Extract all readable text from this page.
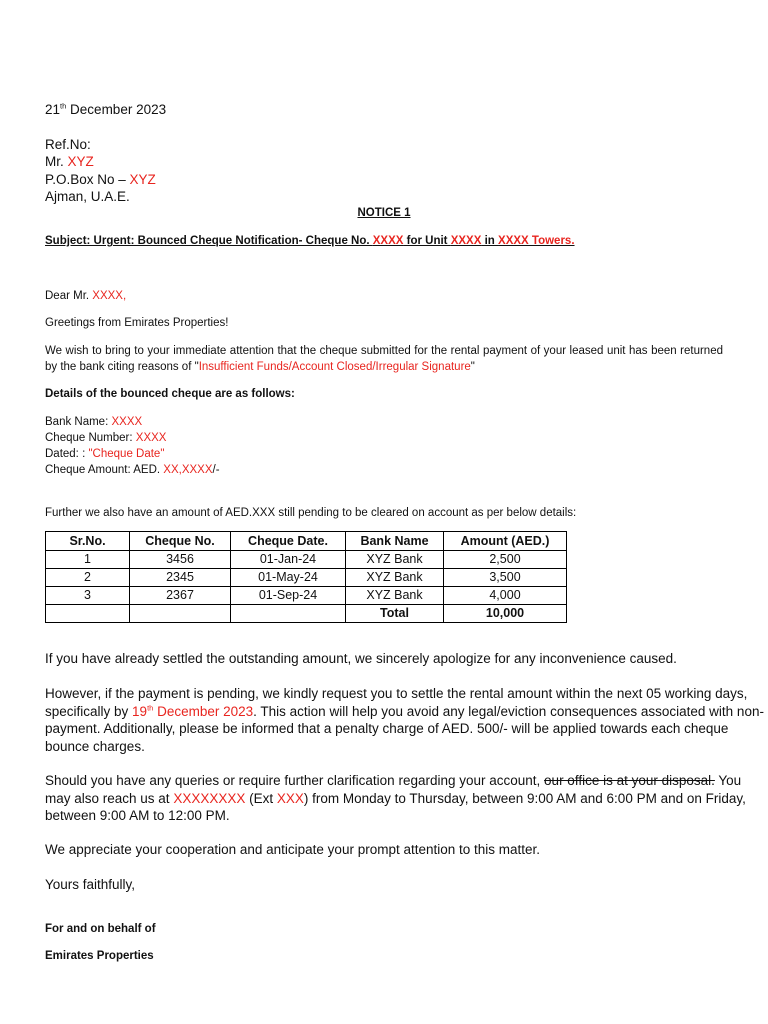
21th December 2023
Ref.No:
Mr. XYZ
P.O.Box No – XYZ
Ajman, U.A.E.
NOTICE 1
Subject: Urgent: Bounced Cheque Notification- Cheque No. XXXX for Unit XXXX in XXXX Towers.
Dear Mr. XXXX,
Greetings from Emirates Properties!
We wish to bring to your immediate attention that the cheque submitted for the rental payment of your leased unit has been returned by the bank citing reasons of "Insufficient Funds/Account Closed/Irregular Signature"
Details of the bounced cheque are as follows:
Bank Name: XXXX
Cheque Number: XXXX
Dated: : "Cheque Date"
Cheque Amount: AED. XX,XXXX/-
Further we also have an amount of AED.XXX still pending to be cleared on account as per below details:
Sr.No.	Cheque No.	Cheque Date.	Bank Name	Amount (AED.)
1	3456	01-Jan-24	XYZ Bank	2,500
2	2345	01-May-24	XYZ Bank	3,500
3	2367	01-Sep-24	XYZ Bank	4,000
			Total	10,000
If you have already settled the outstanding amount, we sincerely apologize for any inconvenience caused.
However, if the payment is pending, we kindly request you to settle the rental amount within the next 05 working days,
specifically by 19th December 2023. This action will help you avoid any legal/eviction consequences associated with non-
payment. Additionally, please be informed that a penalty charge of AED. 500/- will be applied towards each cheque
bounce charges.
Should you have any queries or require further clarification regarding your account, our office is at your disposal. You
may also reach us at XXXXXXXX (Ext XXX) from Monday to Thursday, between 9:00 AM and 6:00 PM and on Friday,
between 9:00 AM to 12:00 PM.
We appreciate your cooperation and anticipate your prompt attention to this matter.
Yours faithfully,
For and on behalf of
Emirates Properties
